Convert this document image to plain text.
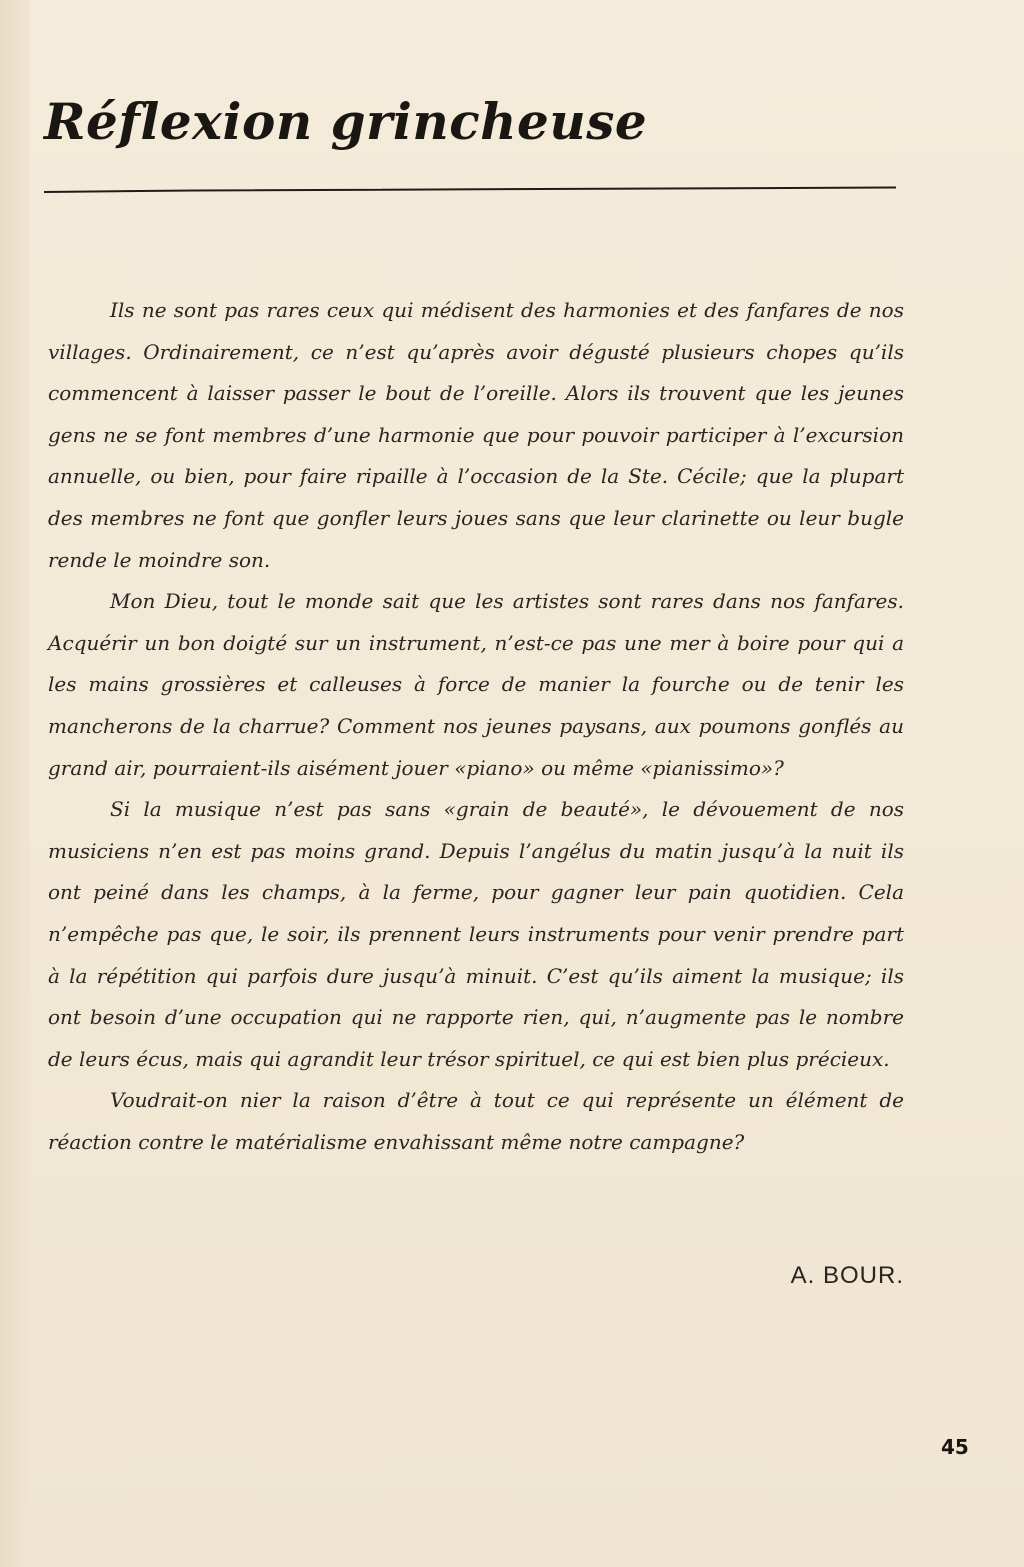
Réflexion grincheuse

Ils ne sont pas rares ceux qui médisent des harmonies et des fanfares de nos villages. Ordinairement, ce n’est qu’après avoir dégusté plusieurs chopes qu’ils commencent à laisser passer le bout de l’oreille. Alors ils trouvent que les jeunes gens ne se font membres d’une harmonie que pour pouvoir participer à l’excursion annuelle, ou bien, pour faire ripaille à l’occasion de la Ste. Cécile; que la plupart des membres ne font que gonfler leurs joues sans que leur clarinette ou leur bugle rende le moindre son.

Mon Dieu, tout le monde sait que les artistes sont rares dans nos fanfares. Acquérir un bon doigté sur un instrument, n’est-ce pas une mer à boire pour qui a les mains grossières et calleuses à force de manier la fourche ou de tenir les mancherons de la charrue? Comment nos jeunes paysans, aux poumons gonflés au grand air, pourraient-ils aisément jouer «piano» ou même «pianissimo»?

Si la musique n’est pas sans «grain de beauté», le dévouement de nos musiciens n’en est pas moins grand. Depuis l’angélus du matin jusqu’à la nuit ils ont peiné dans les champs, à la ferme, pour gagner leur pain quotidien. Cela n’empêche pas que, le soir, ils prennent leurs instruments pour venir prendre part à la répétition qui parfois dure jusqu’à minuit. C’est qu’ils aiment la musique; ils ont besoin d’une occupation qui ne rapporte rien, qui, n’augmente pas le nombre de leurs écus, mais qui agrandit leur trésor spirituel, ce qui est bien plus précieux.

Voudrait-on nier la raison d’être à tout ce qui représente un élément de réaction contre le matérialisme envahissant même notre campagne?

A. BOUR.
45
